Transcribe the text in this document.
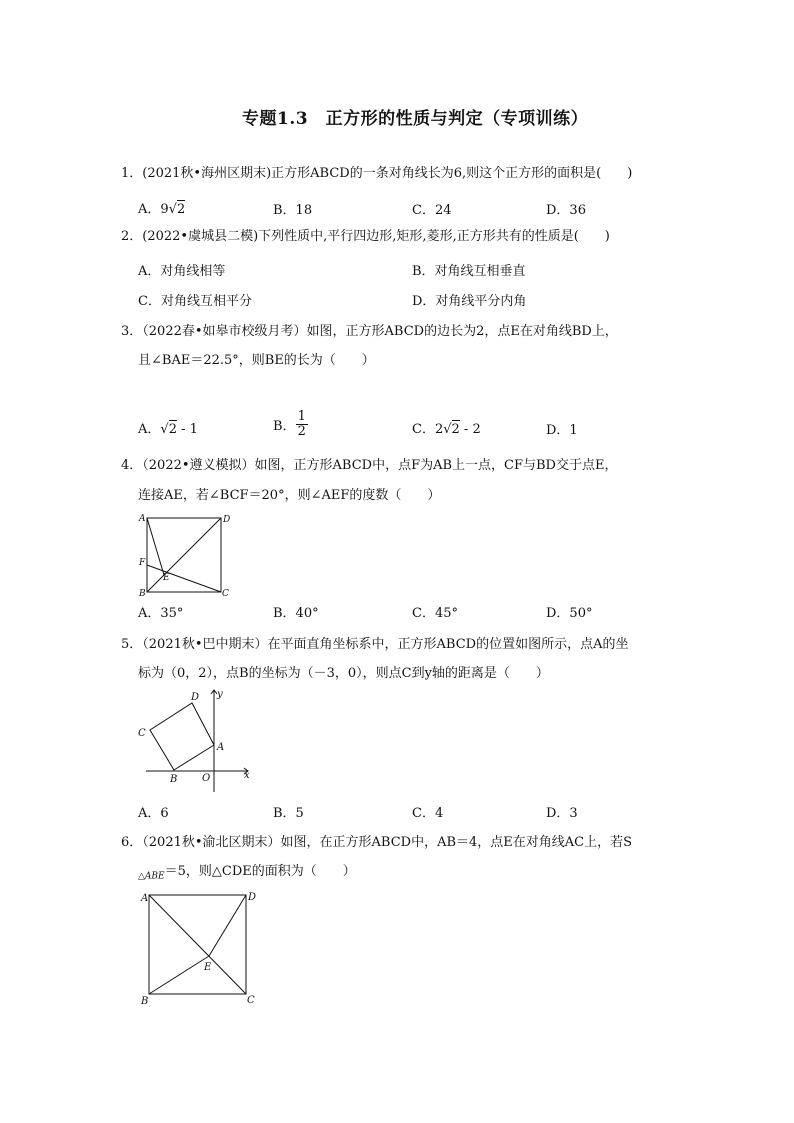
专题1.3　正方形的性质与判定（专项训练）
1．(2021秋•海州区期末)正方形ABCD的一条对角线长为6,则这个正方形的面积是(　　)
A．9√2	B．18	C．24	D．36
2．(2022•虞城县二模)下列性质中,平行四边形,矩形,菱形,正方形共有的性质是(　　)
A．对角线相等	B．对角线互相垂直
C．对角线互相平分	D．对角线平分内角
3．（2022春•如皋市校级月考）如图，正方形ABCD的边长为2，点E在对角线BD上，
且∠BAE＝22.5°，则BE的长为（　　）
A．√2 - 1	B． $\frac{1}{2}$	C．2√2 - 2	D．1
4．（2022•遵义模拟）如图，正方形ABCD中，点F为AB上一点，CF与BD交于点E，
连接AE，若∠BCF＝20°，则∠AEF的度数（　　）
A	D
F
E
B	C
A．35°	B．40°	C．45°	D．50°
5．（2021秋•巴中期末）在平面直角坐标系中，正方形ABCD的位置如图所示，点A的坐
标为（0，2），点B的坐标为（－3，0），则点C到y轴的距离是（　　）
D y
C
A
B O	x
A．6	B．5	C．4	D．3
6．（2021秋•渝北区期末）如图，在正方形ABCD中，AB＝4，点E在对角线AC上，若S
$_{\triangle ABE}$＝5，则△CDE的面积为（　　）
A	D
E
B	C
